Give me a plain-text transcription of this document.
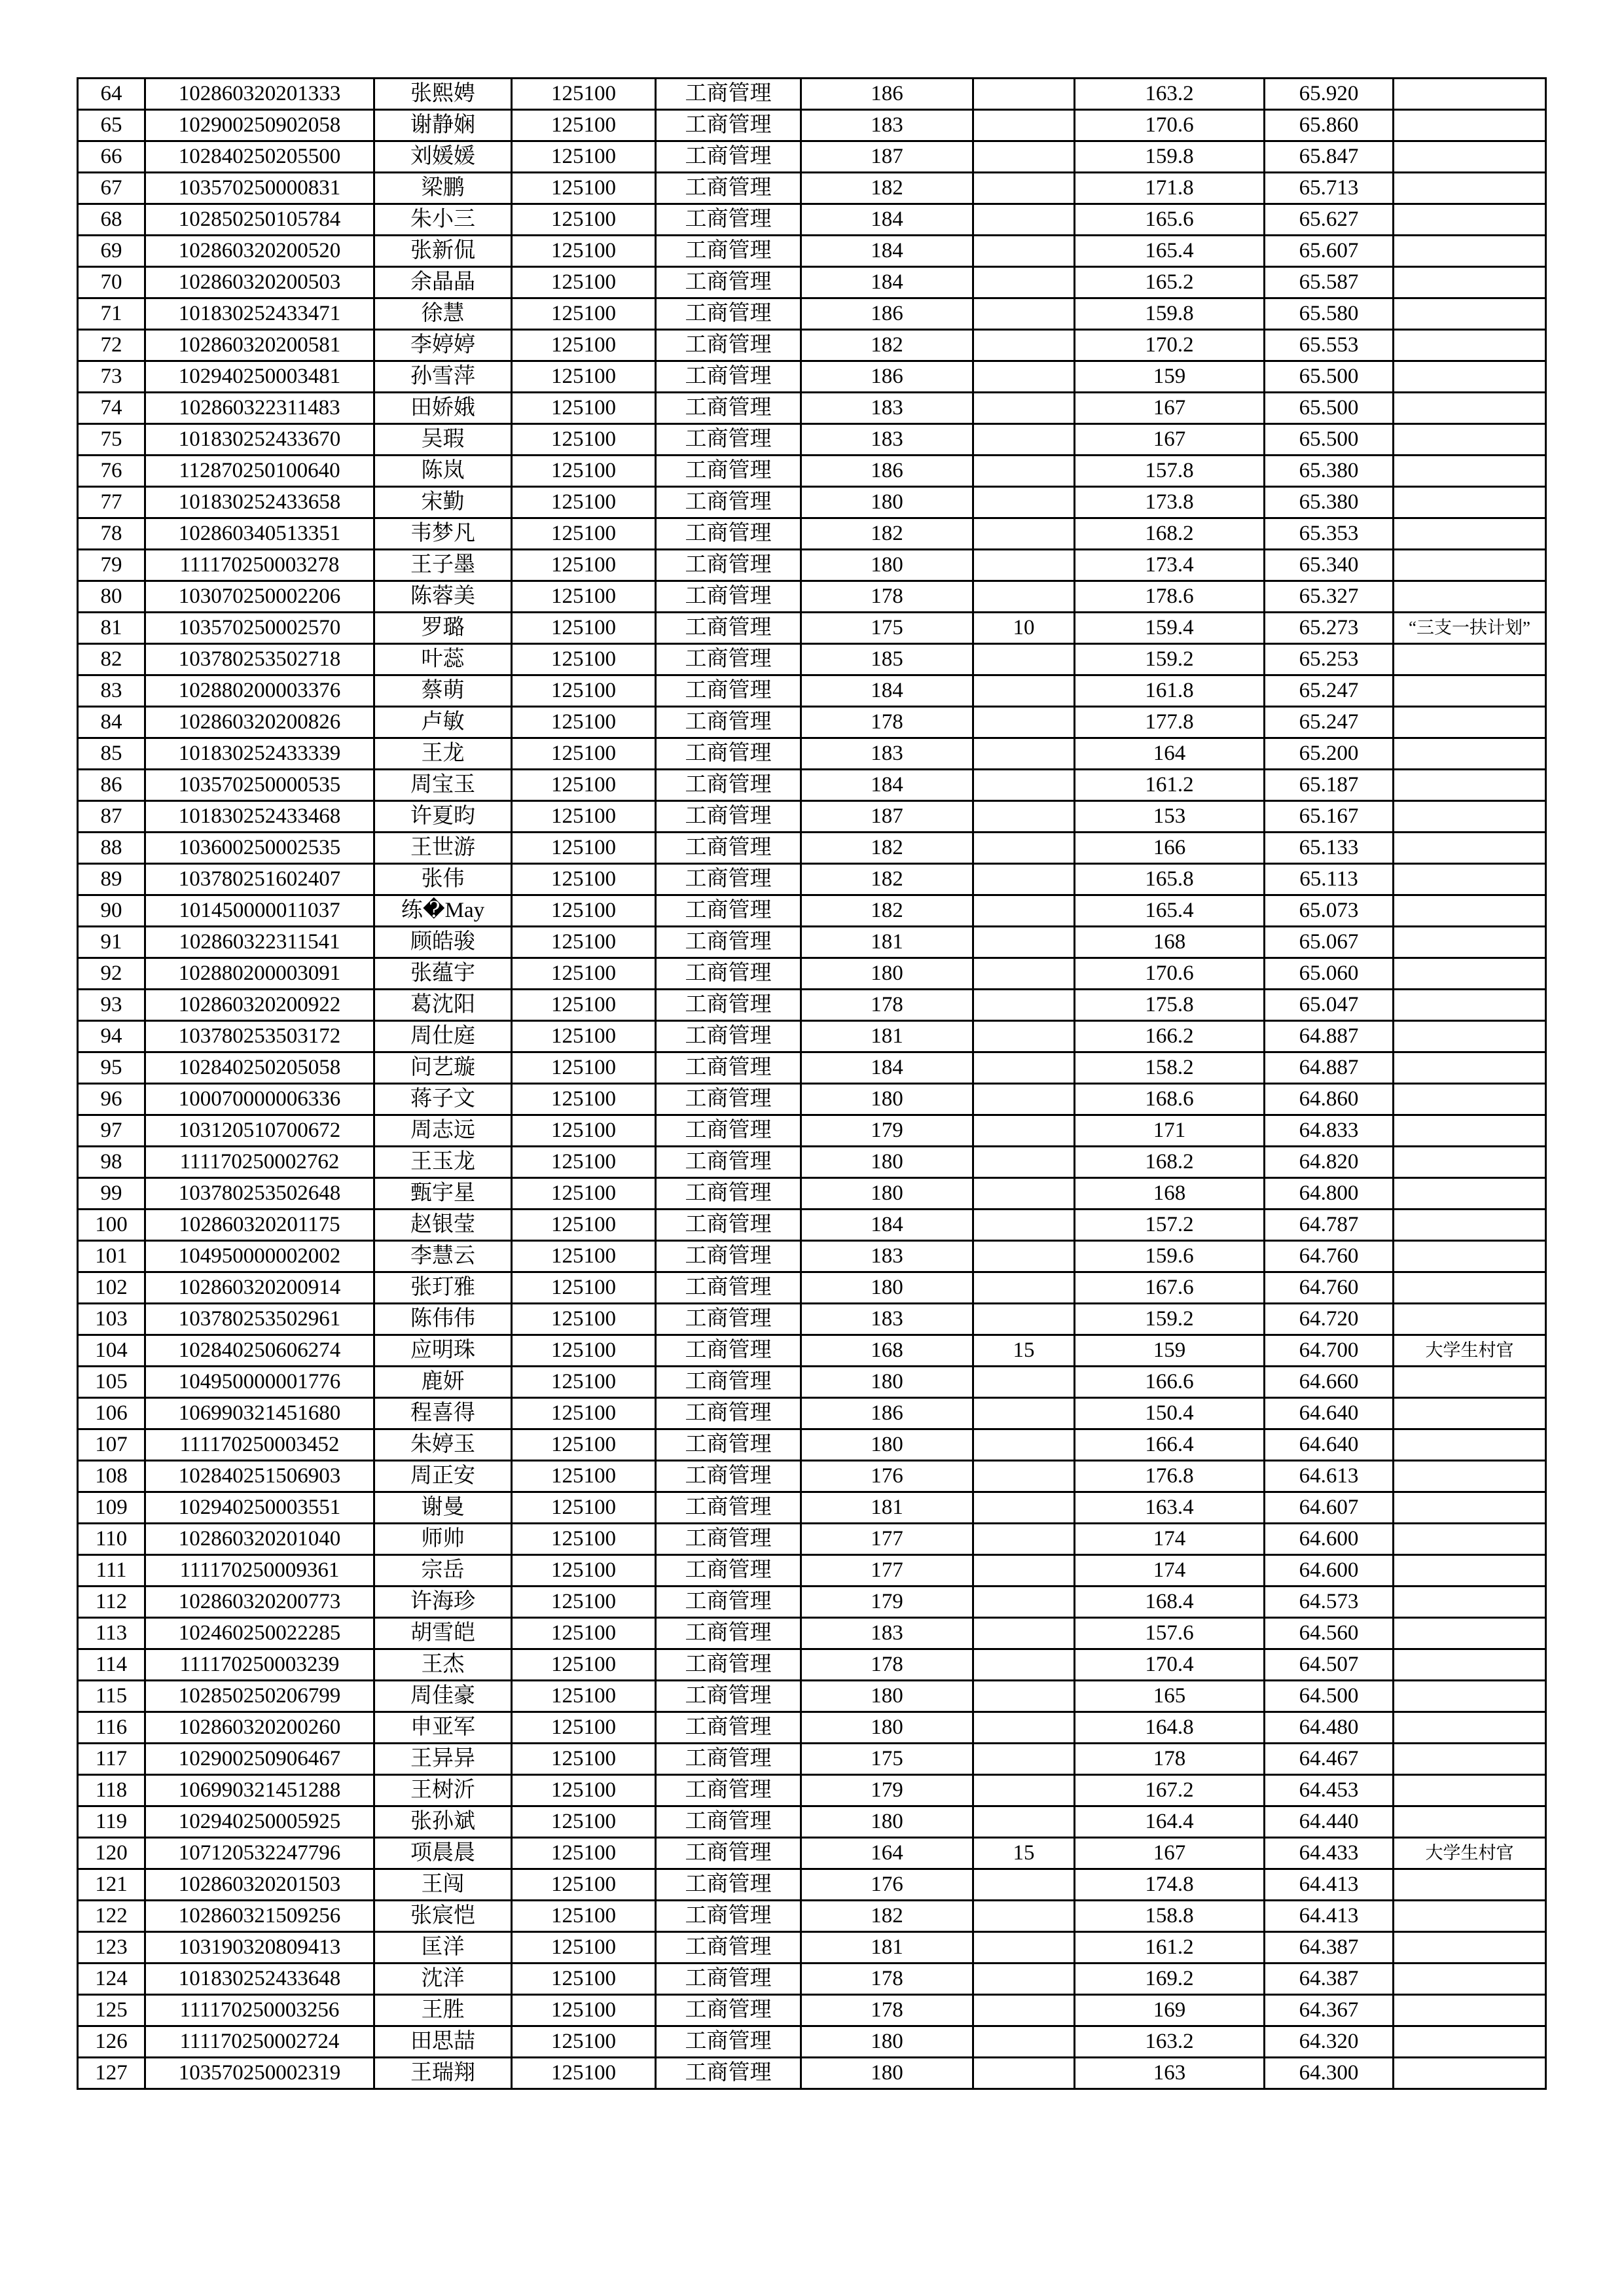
64	102860320201333	张熙娉	125100	工商管理	186		163.2	65.920	
65	102900250902058	谢静娴	125100	工商管理	183		170.6	65.860	
66	102840250205500	刘媛媛	125100	工商管理	187		159.8	65.847	
67	103570250000831	梁鹏	125100	工商管理	182		171.8	65.713	
68	102850250105784	朱小三	125100	工商管理	184		165.6	65.627	
69	102860320200520	张新侃	125100	工商管理	184		165.4	65.607	
70	102860320200503	余晶晶	125100	工商管理	184		165.2	65.587	
71	101830252433471	徐慧	125100	工商管理	186		159.8	65.580	
72	102860320200581	李婷婷	125100	工商管理	182		170.2	65.553	
73	102940250003481	孙雪萍	125100	工商管理	186		159	65.500	
74	102860322311483	田娇娥	125100	工商管理	183		167	65.500	
75	101830252433670	吴瑕	125100	工商管理	183		167	65.500	
76	112870250100640	陈岚	125100	工商管理	186		157.8	65.380	
77	101830252433658	宋勤	125100	工商管理	180		173.8	65.380	
78	102860340513351	韦梦凡	125100	工商管理	182		168.2	65.353	
79	111170250003278	王子墨	125100	工商管理	180		173.4	65.340	
80	103070250002206	陈蓉美	125100	工商管理	178		178.6	65.327	
81	103570250002570	罗璐	125100	工商管理	175	10	159.4	65.273	“三支一扶计划”
82	103780253502718	叶蕊	125100	工商管理	185		159.2	65.253	
83	102880200003376	蔡萌	125100	工商管理	184		161.8	65.247	
84	102860320200826	卢敏	125100	工商管理	178		177.8	65.247	
85	101830252433339	王龙	125100	工商管理	183		164	65.200	
86	103570250000535	周宝玉	125100	工商管理	184		161.2	65.187	
87	101830252433468	许夏昀	125100	工商管理	187		153	65.167	
88	103600250002535	王世游	125100	工商管理	182		166	65.133	
89	103780251602407	张伟	125100	工商管理	182		165.8	65.113	
90	101450000011037	练�May	125100	工商管理	182		165.4	65.073	
91	102860322311541	顾皓骏	125100	工商管理	181		168	65.067	
92	102880200003091	张蕴宇	125100	工商管理	180		170.6	65.060	
93	102860320200922	葛沈阳	125100	工商管理	178		175.8	65.047	
94	103780253503172	周仕庭	125100	工商管理	181		166.2	64.887	
95	102840250205058	问艺璇	125100	工商管理	184		158.2	64.887	
96	100070000006336	蒋子文	125100	工商管理	180		168.6	64.860	
97	103120510700672	周志远	125100	工商管理	179		171	64.833	
98	111170250002762	王玉龙	125100	工商管理	180		168.2	64.820	
99	103780253502648	甄宇星	125100	工商管理	180		168	64.800	
100	102860320201175	赵银莹	125100	工商管理	184		157.2	64.787	
101	104950000002002	李慧云	125100	工商管理	183		159.6	64.760	
102	102860320200914	张玎雅	125100	工商管理	180		167.6	64.760	
103	103780253502961	陈伟伟	125100	工商管理	183		159.2	64.720	
104	102840250606274	应明珠	125100	工商管理	168	15	159	64.700	大学生村官
105	104950000001776	鹿妍	125100	工商管理	180		166.6	64.660	
106	106990321451680	程喜得	125100	工商管理	186		150.4	64.640	
107	111170250003452	朱婷玉	125100	工商管理	180		166.4	64.640	
108	102840251506903	周正安	125100	工商管理	176		176.8	64.613	
109	102940250003551	谢曼	125100	工商管理	181		163.4	64.607	
110	102860320201040	师帅	125100	工商管理	177		174	64.600	
111	111170250009361	宗岳	125100	工商管理	177		174	64.600	
112	102860320200773	许海珍	125100	工商管理	179		168.4	64.573	
113	102460250022285	胡雪皑	125100	工商管理	183		157.6	64.560	
114	111170250003239	王杰	125100	工商管理	178		170.4	64.507	
115	102850250206799	周佳豪	125100	工商管理	180		165	64.500	
116	102860320200260	申亚军	125100	工商管理	180		164.8	64.480	
117	102900250906467	王异异	125100	工商管理	175		178	64.467	
118	106990321451288	王树沂	125100	工商管理	179		167.2	64.453	
119	102940250005925	张孙斌	125100	工商管理	180		164.4	64.440	
120	107120532247796	项晨晨	125100	工商管理	164	15	167	64.433	大学生村官
121	102860320201503	王闯	125100	工商管理	176		174.8	64.413	
122	102860321509256	张宸恺	125100	工商管理	182		158.8	64.413	
123	103190320809413	匡洋	125100	工商管理	181		161.2	64.387	
124	101830252433648	沈洋	125100	工商管理	178		169.2	64.387	
125	111170250003256	王胜	125100	工商管理	178		169	64.367	
126	111170250002724	田思喆	125100	工商管理	180		163.2	64.320	
127	103570250002319	王瑞翔	125100	工商管理	180		163	64.300	
